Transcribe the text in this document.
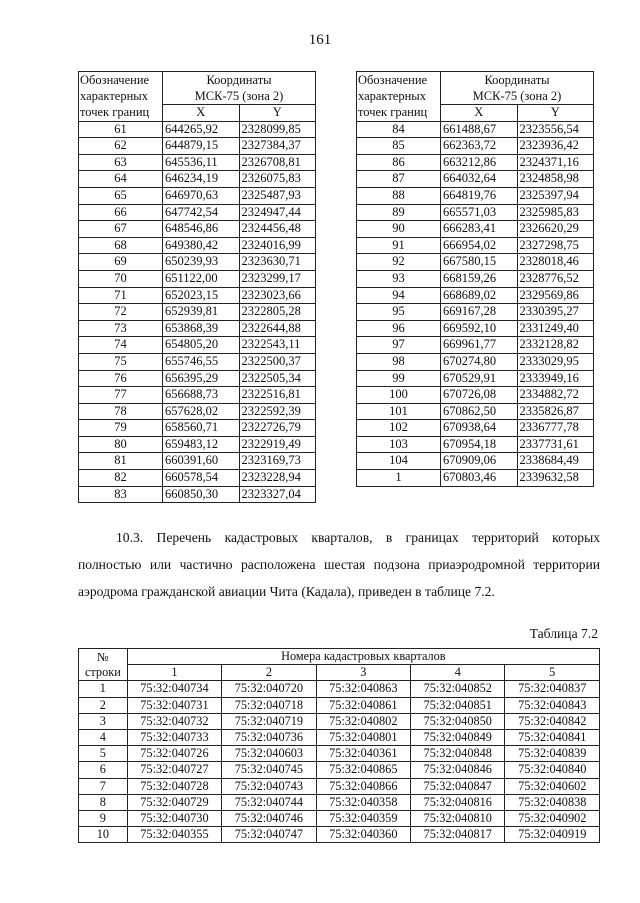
161
Обозначение
характерных
точек границ	Координаты
МСК-75 (зона 2)	

	X	Y
61	644265,92	2328099,85
62	644879,15	2327384,37
63	645536,11	2326708,81
64	646234,19	2326075,83
65	646970,63	2325487,93
66	647742,54	2324947,44
67	648546,86	2324456,48
68	649380,42	2324016,99
69	650239,93	2323630,71
70	651122,00	2323299,17
71	652023,15	2323023,66
72	652939,81	2322805,28
73	653868,39	2322644,88
74	654805,20	2322543,11
75	655746,55	2322500,37
76	656395,29	2322505,34
77	656688,73	2322516,81
78	657628,02	2322592,39
79	658560,71	2322726,79
80	659483,12	2322919,49
81	660391,60	2323169,73
82	660578,54	2323228,94
83	660850,30	2323327,04
Обозначение
характерных
точек границ	Координаты
МСК-75 (зона 2)	

	X	Y
84	661488,67	2323556,54
85	662363,72	2323936,42
86	663212,86	2324371,16
87	664032,64	2324858,98
88	664819,76	2325397,94
89	665571,03	2325985,83
90	666283,41	2326620,29
91	666954,02	2327298,75
92	667580,15	2328018,46
93	668159,26	2328776,52
94	668689,02	2329569,86
95	669167,28	2330395,27
96	669592,10	2331249,40
97	669961,77	2332128,82
98	670274,80	2333029,95
99	670529,91	2333949,16
100	670726,08	2334882,72
101	670862,50	2335826,87
102	670938,64	2336777,78
103	670954,18	2337731,61
104	670909,06	2338684,49
1	670803,46	2339632,58
10.3. Перечень кадастровых кварталов, в границах территорий которых
полностью или частично расположена шестая подзона приаэродромной территории
аэродрома гражданской авиации Чита (Кадала), приведен в таблице 7.2.
Таблица 7.2
№
строки	Номера кадастровых кварталов				
	1	2	3	4	5
1	75:32:040734	75:32:040720	75:32:040863	75:32:040852	75:32:040837
2	75:32:040731	75:32:040718	75:32:040861	75:32:040851	75:32:040843
3	75:32:040732	75:32:040719	75:32:040802	75:32:040850	75:32:040842
4	75:32:040733	75:32:040736	75:32:040801	75:32:040849	75:32:040841
5	75:32:040726	75:32:040603	75:32:040361	75:32:040848	75:32:040839
6	75:32:040727	75:32:040745	75:32:040865	75:32:040846	75:32:040840
7	75:32:040728	75:32:040743	75:32:040866	75:32:040847	75:32:040602
8	75:32:040729	75:32:040744	75:32:040358	75:32:040816	75:32:040838
9	75:32:040730	75:32:040746	75:32:040359	75:32:040810	75:32:040902
10	75:32:040355	75:32:040747	75:32:040360	75:32:040817	75:32:040919
